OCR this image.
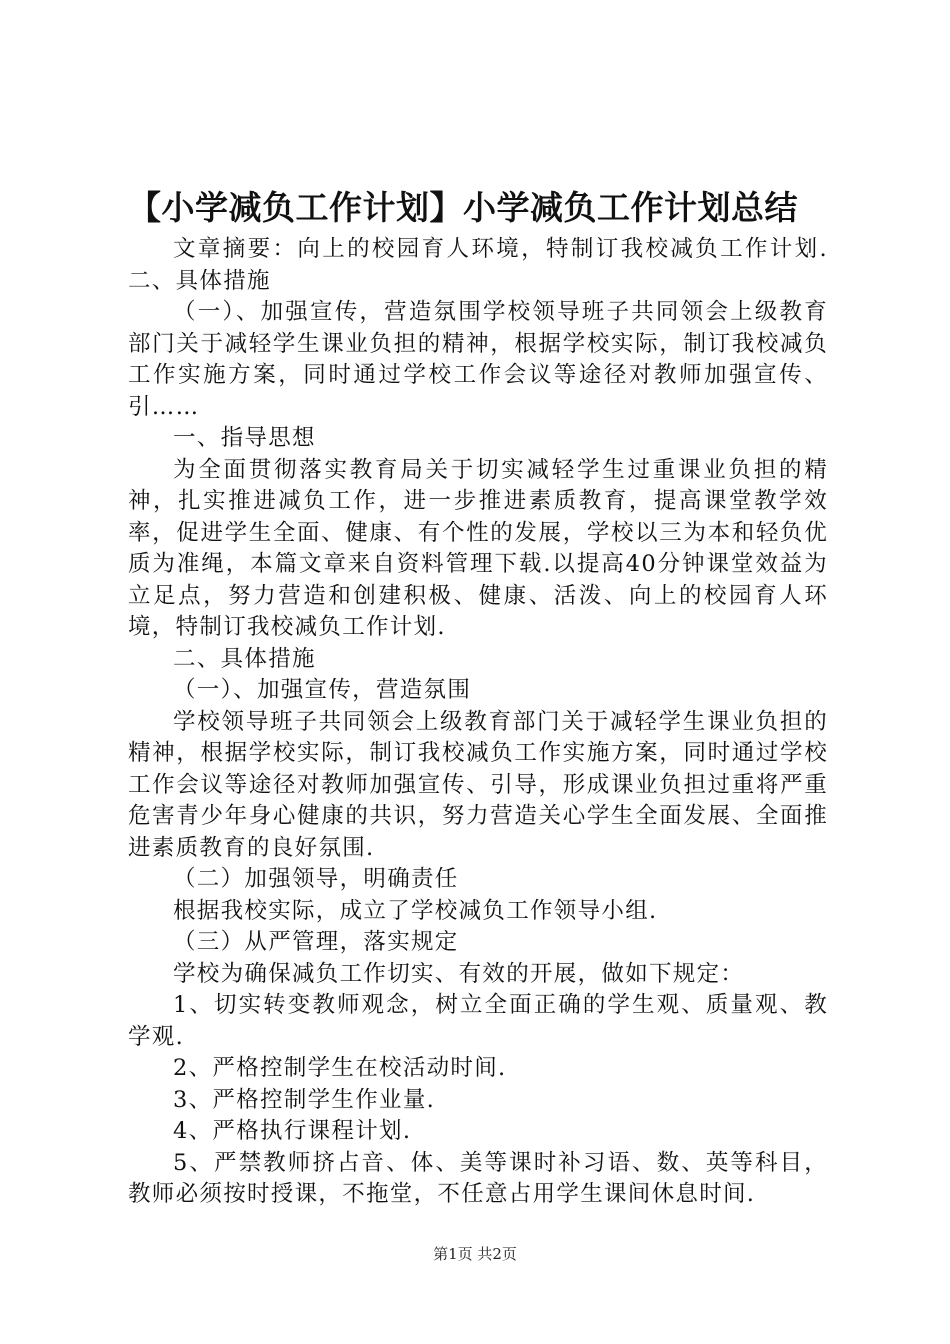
【小学减负工作计划】小学减负工作计划总结

文章摘要：向上的校园育人环境，特制订我校减负工作计划.二、具体措施

（一）、加强宣传，营造氛围学校领导班子共同领会上级教育部门关于减轻学生课业负担的精神，根据学校实际，制订我校减负工作实施方案，同时通过学校工作会议等途径对教师加强宣传、引……

一、指导思想

为全面贯彻落实教育局关于切实减轻学生过重课业负担的精神，扎实推进减负工作，进一步推进素质教育，提高课堂教学效率，促进学生全面、健康、有个性的发展，学校以三为本和轻负优质为准绳，本篇文章来自资料管理下载.以提高40分钟课堂效益为立足点，努力营造和创建积极、健康、活泼、向上的校园育人环境，特制订我校减负工作计划.

二、具体措施

（一）、加强宣传，营造氛围

学校领导班子共同领会上级教育部门关于减轻学生课业负担的精神，根据学校实际，制订我校减负工作实施方案，同时通过学校工作会议等途径对教师加强宣传、引导，形成课业负担过重将严重危害青少年身心健康的共识，努力营造关心学生全面发展、全面推进素质教育的良好氛围.

（二）加强领导，明确责任

根据我校实际，成立了学校减负工作领导小组.

（三）从严管理，落实规定

学校为确保减负工作切实、有效的开展，做如下规定：

1、切实转变教师观念，树立全面正确的学生观、质量观、教学观.

2、严格控制学生在校活动时间.

3、严格控制学生作业量.

4、严格执行课程计划.

5、严禁教师挤占音、体、美等课时补习语、数、英等科目，教师必须按时授课，不拖堂，不任意占用学生课间休息时间.

第1页 共2页
